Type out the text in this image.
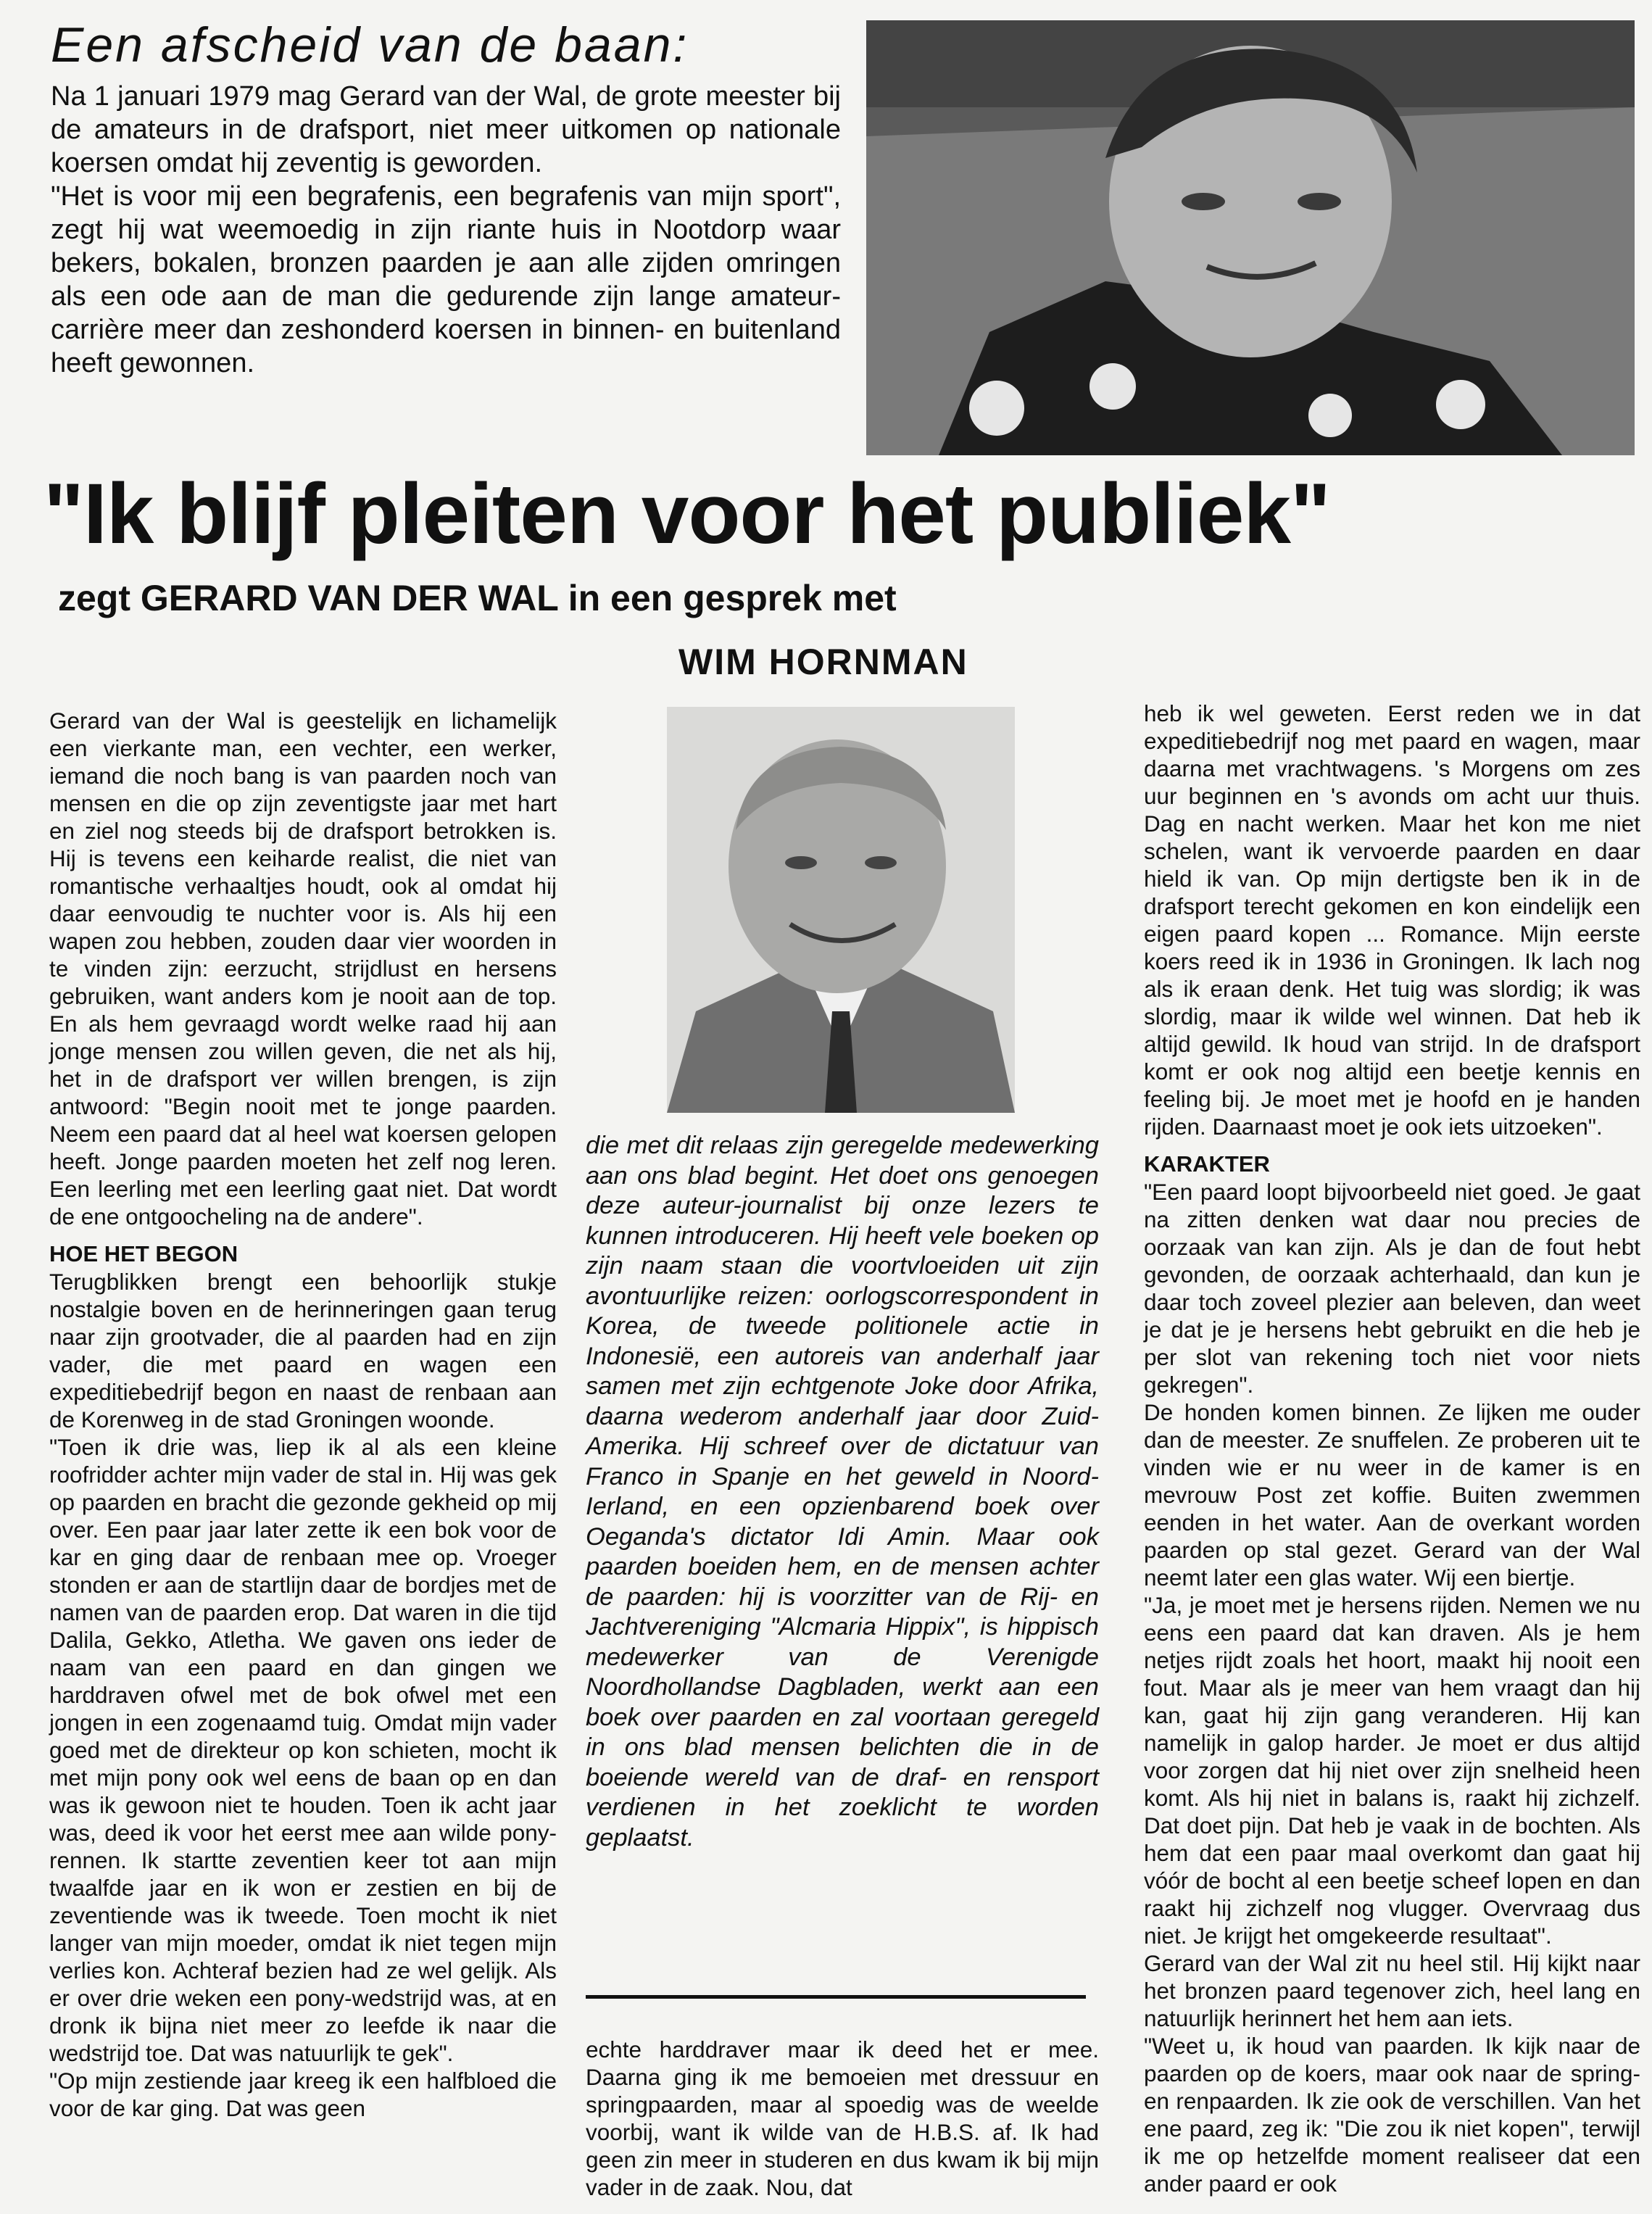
Een afscheid van de baan:

Na 1 januari 1979 mag Gerard van der Wal, de grote meester bij de amateurs in de drafsport, niet meer uitkomen op nationale koersen omdat hij zeventig is geworden.

"Het is voor mij een begrafenis, een begrafenis van mijn sport", zegt hij wat weemoedig in zijn riante huis in Nootdorp waar bekers, bokalen, bronzen paarden je aan alle zijden omringen als een ode aan de man die gedurende zijn lange amateur-carrière meer dan zeshonderd koersen in binnen- en buitenland heeft gewonnen.

"Ik blijf pleiten voor het publiek"
zegt GERARD VAN DER WAL in een gesprek met
WIM HORNMAN

Gerard van der Wal is geestelijk en lichamelijk een vierkante man, een vechter, een werker, iemand die noch bang is van paarden noch van mensen en die op zijn zeventigste jaar met hart en ziel nog steeds bij de drafsport betrokken is. Hij is tevens een keiharde realist, die niet van romantische verhaaltjes houdt, ook al omdat hij daar eenvoudig te nuchter voor is. Als hij een wapen zou hebben, zouden daar vier woorden in te vinden zijn: eerzucht, strijdlust en hersens gebruiken, want anders kom je nooit aan de top. En als hem gevraagd wordt welke raad hij aan jonge mensen zou willen geven, die net als hij, het in de drafsport ver willen brengen, is zijn antwoord: "Begin nooit met te jonge paarden. Neem een paard dat al heel wat koersen gelopen heeft. Jonge paarden moeten het zelf nog leren. Een leerling met een leerling gaat niet. Dat wordt de ene ontgoocheling na de andere".

HOE HET BEGON

Terugblikken brengt een behoorlijk stukje nostalgie boven en de herinneringen gaan terug naar zijn grootvader, die al paarden had en zijn vader, die met paard en wagen een expeditiebedrijf begon en naast de renbaan aan de Korenweg in de stad Groningen woonde.

"Toen ik drie was, liep ik al als een kleine roofridder achter mijn vader de stal in. Hij was gek op paarden en bracht die gezonde gekheid op mij over. Een paar jaar later zette ik een bok voor de kar en ging daar de renbaan mee op. Vroeger stonden er aan de startlijn daar de bordjes met de namen van de paarden erop. Dat waren in die tijd Dalila, Gekko, Atletha. We gaven ons ieder de naam van een paard en dan gingen we harddraven ofwel met de bok ofwel met een jongen in een zogenaamd tuig. Omdat mijn vader goed met de direkteur op kon schieten, mocht ik met mijn pony ook wel eens de baan op en dan was ik gewoon niet te houden. Toen ik acht jaar was, deed ik voor het eerst mee aan wilde pony-rennen. Ik startte zeventien keer tot aan mijn twaalfde jaar en ik won er zestien en bij de zeventiende was ik tweede. Toen mocht ik niet langer van mijn moeder, omdat ik niet tegen mijn verlies kon. Achteraf bezien had ze wel gelijk. Als er over drie weken een pony-wedstrijd was, at en dronk ik bijna niet meer zo leefde ik naar die wedstrijd toe. Dat was natuurlijk te gek".

"Op mijn zestiende jaar kreeg ik een halfbloed die voor de kar ging. Dat was geen

die met dit relaas zijn geregelde medewerking aan ons blad begint. Het doet ons genoegen deze auteur-journalist bij onze lezers te kunnen introduceren. Hij heeft vele boeken op zijn naam staan die voortvloeiden uit zijn avontuurlijke reizen: oorlogscorrespondent in Korea, de tweede politionele actie in Indonesië, een autoreis van anderhalf jaar samen met zijn echtgenote Joke door Afrika, daarna wederom anderhalf jaar door Zuid-Amerika. Hij schreef over de dictatuur van Franco in Spanje en het geweld in Noord-Ierland, en een opzienbarend boek over Oeganda's dictator Idi Amin. Maar ook paarden boeiden hem, en de mensen achter de paarden: hij is voorzitter van de Rij- en Jachtvereniging "Alcmaria Hippix", is hippisch medewerker van de Verenigde Noordhollandse Dagbladen, werkt aan een boek over paarden en zal voortaan geregeld in ons blad mensen belichten die in de boeiende wereld van de draf- en rensport verdienen in het zoeklicht te worden geplaatst.

echte harddraver maar ik deed het er mee. Daarna ging ik me bemoeien met dressuur en springpaarden, maar al spoedig was de weelde voorbij, want ik wilde van de H.B.S. af. Ik had geen zin meer in studeren en dus kwam ik bij mijn vader in de zaak. Nou, dat

heb ik wel geweten. Eerst reden we in dat expeditiebedrijf nog met paard en wagen, maar daarna met vrachtwagens. 's Morgens om zes uur beginnen en 's avonds om acht uur thuis. Dag en nacht werken. Maar het kon me niet schelen, want ik vervoerde paarden en daar hield ik van. Op mijn dertigste ben ik in de drafsport terecht gekomen en kon eindelijk een eigen paard kopen ... Romance. Mijn eerste koers reed ik in 1936 in Groningen. Ik lach nog als ik eraan denk. Het tuig was slordig; ik was slordig, maar ik wilde wel winnen. Dat heb ik altijd gewild. Ik houd van strijd. In de drafsport komt er ook nog altijd een beetje kennis en feeling bij. Je moet met je hoofd en je handen rijden. Daarnaast moet je ook iets uitzoeken".

KARAKTER

"Een paard loopt bijvoorbeeld niet goed. Je gaat na zitten denken wat daar nou precies de oorzaak van kan zijn. Als je dan de fout hebt gevonden, de oorzaak achterhaald, dan kun je daar toch zoveel plezier aan beleven, dan weet je dat je je hersens hebt gebruikt en die heb je per slot van rekening toch niet voor niets gekregen".

De honden komen binnen. Ze lijken me ouder dan de meester. Ze snuffelen. Ze proberen uit te vinden wie er nu weer in de kamer is en mevrouw Post zet koffie. Buiten zwemmen eenden in het water. Aan de overkant worden paarden op stal gezet. Gerard van der Wal neemt later een glas water. Wij een biertje.

"Ja, je moet met je hersens rijden. Nemen we nu eens een paard dat kan draven. Als je hem netjes rijdt zoals het hoort, maakt hij nooit een fout. Maar als je meer van hem vraagt dan hij kan, gaat hij zijn gang veranderen. Hij kan namelijk in galop harder. Je moet er dus altijd voor zorgen dat hij niet over zijn snelheid heen komt. Als hij niet in balans is, raakt hij zichzelf. Dat doet pijn. Dat heb je vaak in de bochten. Als hem dat een paar maal overkomt dan gaat hij vóór de bocht al een beetje scheef lopen en dan raakt hij zichzelf nog vlugger. Overvraag dus niet. Je krijgt het omgekeerde resultaat".

Gerard van der Wal zit nu heel stil. Hij kijkt naar het bronzen paard tegenover zich, heel lang en natuurlijk herinnert het hem aan iets.

"Weet u, ik houd van paarden. Ik kijk naar de paarden op de koers, maar ook naar de spring- en renpaarden. Ik zie ook de verschillen. Van het ene paard, zeg ik: "Die zou ik niet kopen", terwijl ik me op hetzelfde moment realiseer dat een ander paard er ook
